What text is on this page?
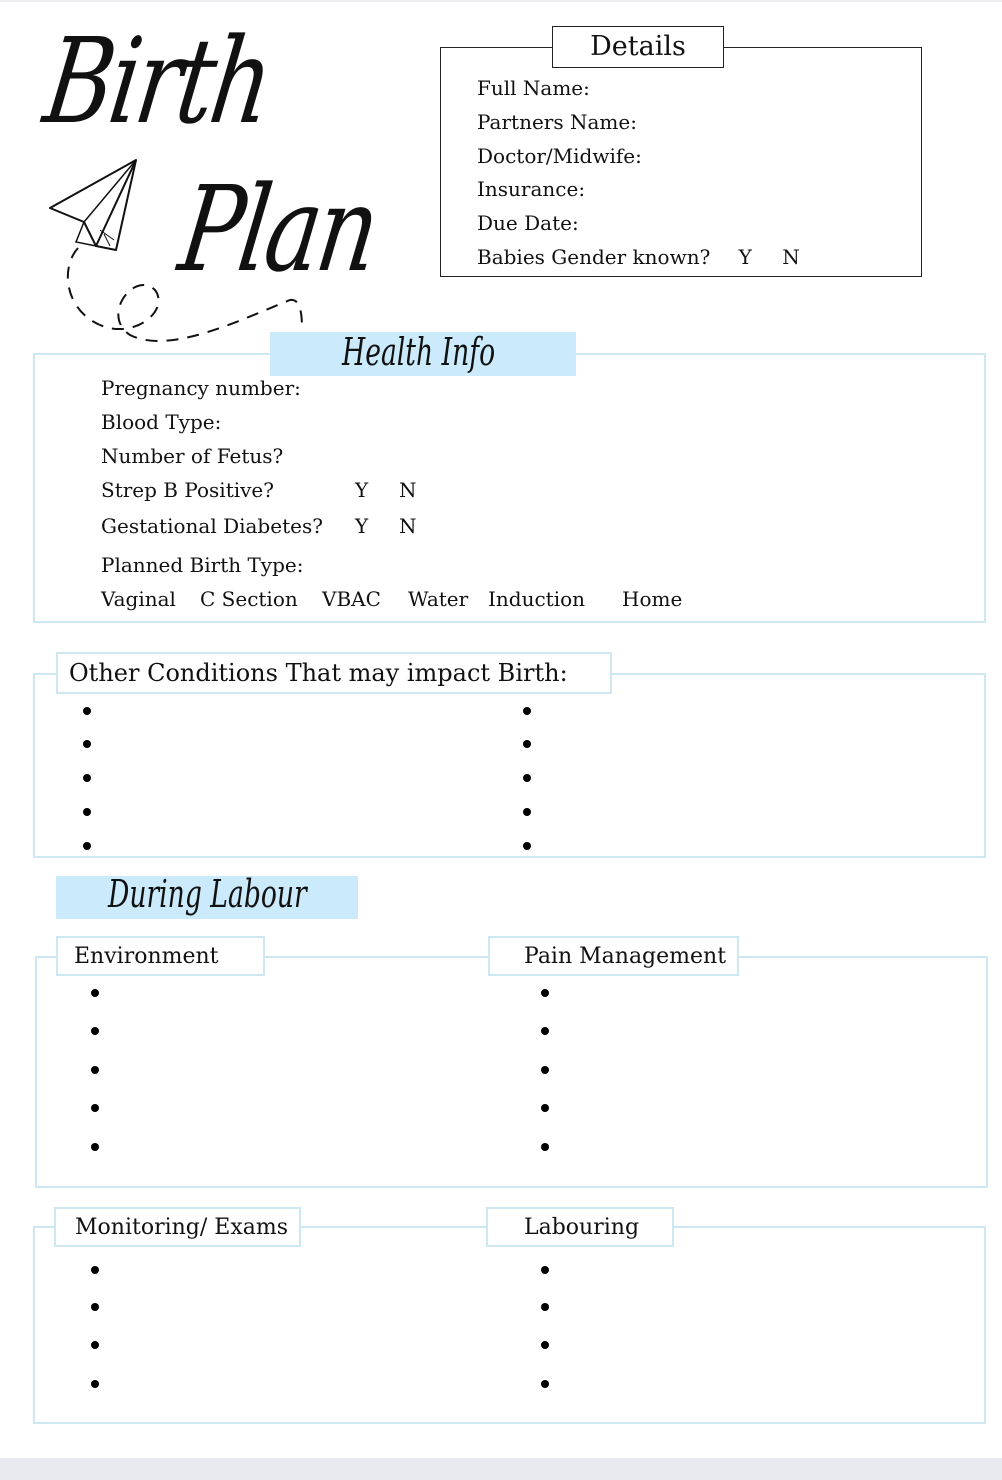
Birth
Plan
Details
Full Name:
Partners Name:
Doctor/Midwife:
Insurance:
Due Date:
Babies Gender known? Y N
Health Info
Pregnancy number:
Blood Type:
Number of Fetus?
Strep B Positive?	Y N
Gestational Diabetes? Y N
Planned Birth Type:
Vaginal C Section VBAC Water Induction Home
Other Conditions That may impact Birth:
During Labour
Environment	Pain Management
Monitoring/ Exams	Labouring
